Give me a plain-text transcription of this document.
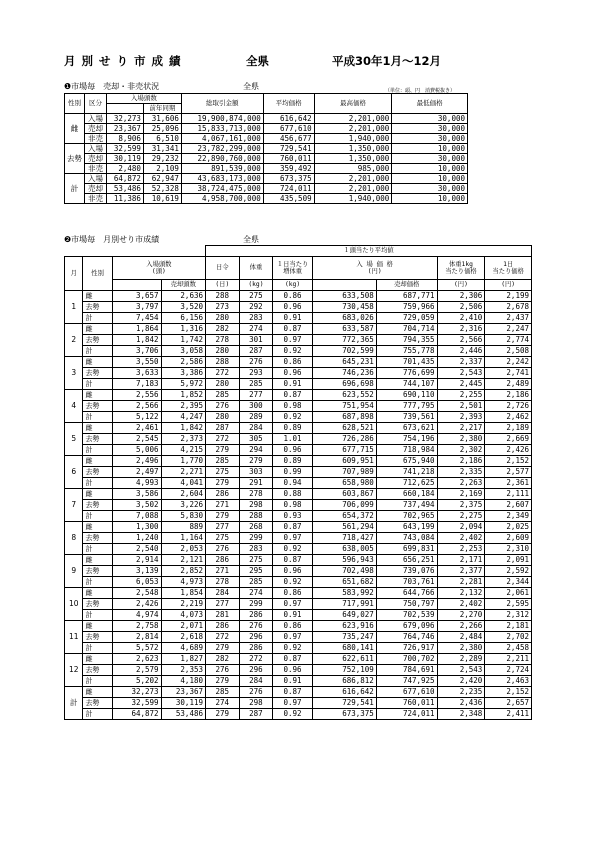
月 別 せ り 市 成 績	全県	平成30年1月～12月
❶市場毎　売却・非売状況	全県	（単位：頭、円　消費税抜き）
性別	区分	入場頭数		総取引金額	平均価格	最高価格	最低価格
			前年同期				
雌	入場	32,273	31,606	19,900,874,000	616,642	2,201,000	30,000
	売却	23,367	25,096	15,833,713,000	677,610	2,201,000	30,000
	非売	8,906	6,510	4,067,161,000	456,677	1,940,000	30,000
去勢	入場	32,599	31,341	23,782,299,000	729,541	1,350,000	10,000
	売却	30,119	29,232	22,890,760,000	760,011	1,350,000	30,000
	非売	2,480	2,109	891,539,000	359,492	985,000	10,000
計	入場	64,872	62,947	43,683,173,000	673,375	2,201,000	10,000
	売却	53,486	52,328	38,724,475,000	724,011	2,201,000	30,000
	非売	11,386	10,619	4,958,700,000	435,509	1,940,000	10,000
❷市場毎　月別せり市成績	全県
				１頭当たり平均値						
月	性別	入場頭数
(頭)		日令	体重	１日当たり
増体重	入 場 価 格
(円)		体重1kg
当たり価格	1日
当たり価格
			売却頭数	(日)	(kg)	(kg)		売却価格	(円)	(円)
1	雌	3,657	2,636	288	275	0.86	633,508	687,771	2,306	2,199
	去勢	3,797	3,520	273	292	0.96	730,458	759,966	2,506	2,678
	計	7,454	6,156	280	283	0.91	683,026	729,059	2,410	2,437
2	雌	1,864	1,316	282	274	0.87	633,587	704,714	2,316	2,247
	去勢	1,842	1,742	278	301	0.97	772,365	794,355	2,566	2,774
	計	3,706	3,058	280	287	0.92	702,599	755,778	2,446	2,508
3	雌	3,550	2,586	288	276	0.86	645,231	701,435	2,337	2,242
	去勢	3,633	3,386	272	293	0.96	746,236	776,699	2,543	2,741
	計	7,183	5,972	280	285	0.91	696,698	744,107	2,445	2,489
4	雌	2,556	1,852	285	277	0.87	623,552	690,110	2,255	2,186
	去勢	2,566	2,395	276	300	0.98	751,954	777,795	2,501	2,726
	計	5,122	4,247	280	289	0.92	687,898	739,561	2,393	2,462
5	雌	2,461	1,842	287	284	0.89	628,521	673,621	2,217	2,189
	去勢	2,545	2,373	272	305	1.01	726,286	754,196	2,380	2,669
	計	5,006	4,215	279	294	0.96	677,715	718,984	2,302	2,426
6	雌	2,496	1,770	285	279	0.89	609,951	675,940	2,186	2,152
	去勢	2,497	2,271	275	303	0.99	707,989	741,218	2,335	2,577
	計	4,993	4,041	279	291	0.94	658,980	712,625	2,263	2,361
7	雌	3,586	2,604	286	278	0.88	603,867	660,184	2,169	2,111
	去勢	3,502	3,226	271	298	0.98	706,099	737,494	2,375	2,607
	計	7,088	5,830	279	288	0.93	654,372	702,965	2,275	2,349
8	雌	1,300	889	277	268	0.87	561,294	643,199	2,094	2,025
	去勢	1,240	1,164	275	299	0.97	718,427	743,084	2,402	2,609
	計	2,540	2,053	276	283	0.92	638,005	699,831	2,253	2,310
9	雌	2,914	2,121	286	275	0.87	596,943	656,251	2,171	2,091
	去勢	3,139	2,852	271	295	0.96	702,498	739,076	2,377	2,592
	計	6,053	4,973	278	285	0.92	651,682	703,761	2,281	2,344
10	雌	2,548	1,854	284	274	0.86	583,992	644,766	2,132	2,061
	去勢	2,426	2,219	277	299	0.97	717,991	750,797	2,402	2,595
	計	4,974	4,073	281	286	0.91	649,027	702,539	2,270	2,312
11	雌	2,758	2,071	286	276	0.86	623,916	679,096	2,266	2,181
	去勢	2,814	2,618	272	296	0.97	735,247	764,746	2,484	2,702
	計	5,572	4,689	279	286	0.92	680,141	726,917	2,380	2,458
12	雌	2,623	1,827	282	272	0.87	622,611	700,702	2,289	2,211
	去勢	2,579	2,353	276	296	0.96	752,109	784,691	2,543	2,724
	計	5,202	4,180	279	284	0.91	686,812	747,925	2,420	2,463
計	雌	32,273	23,367	285	276	0.87	616,642	677,610	2,235	2,152
	去勢	32,599	30,119	274	298	0.97	729,541	760,011	2,436	2,657
	計	64,872	53,486	279	287	0.92	673,375	724,011	2,348	2,411
